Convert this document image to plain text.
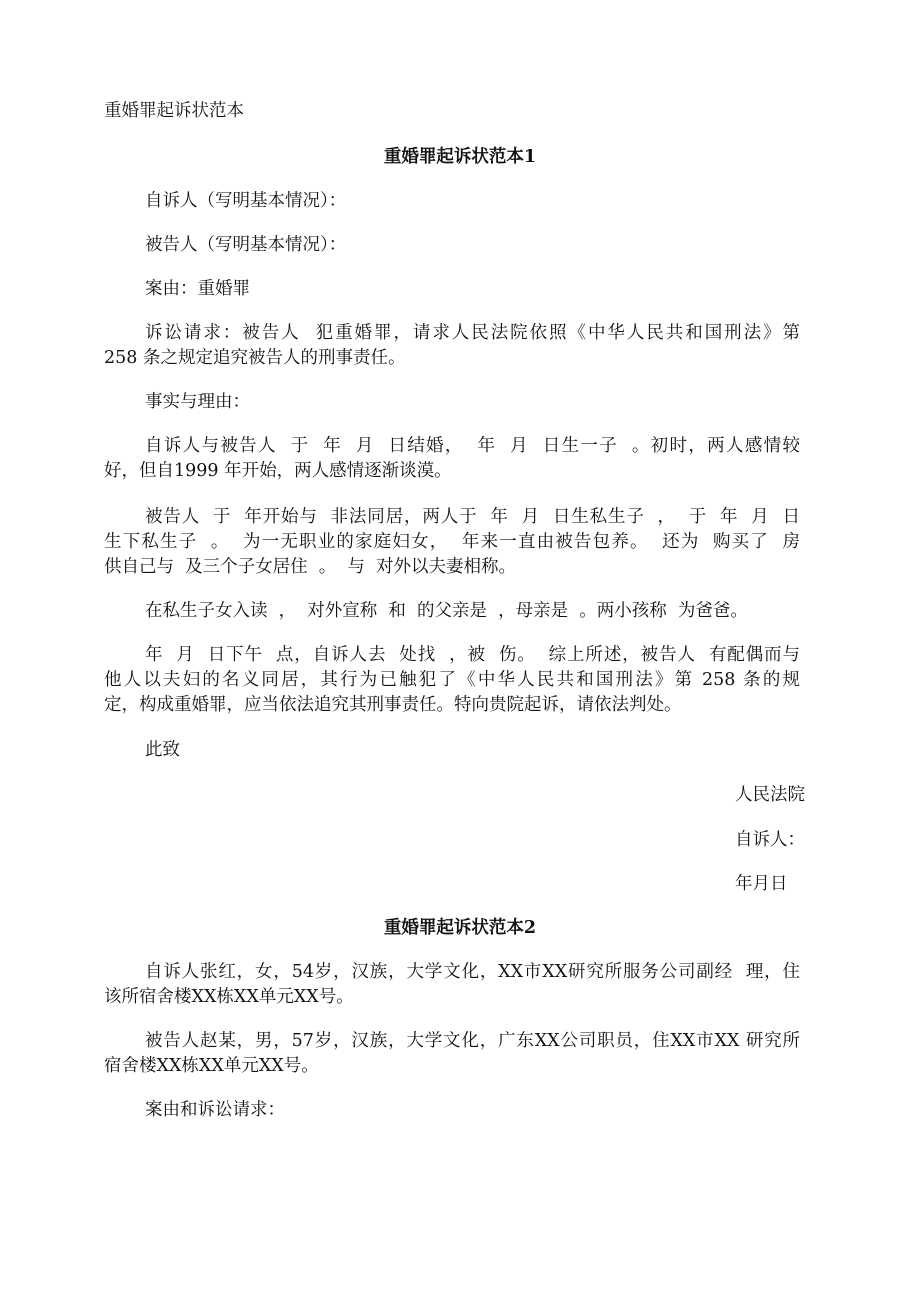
重婚罪起诉状范本
重婚罪起诉状范本1
自诉人（写明基本情况）：
被告人（写明基本情况）：
案由：重婚罪
诉讼请求：被告人  犯重婚罪，请求人民法院依照《中华人民共和国刑法》第
258 条之规定追究被告人的刑事责任。
事实与理由：
自诉人与被告人  于  年  月  日结婚，  年  月  日生一子  。初时，两人感情较
好，但自1999 年开始，两人感情逐渐谈漠。
被告人  于  年开始与  非法同居，两人于  年  月  日生私生子  ，  于  年  月  日
生下私生子  。  为一无职业的家庭妇女，  年来一直由被告包养。  还为  购买了  房
供自己与  及三个子女居住  。  与  对外以夫妻相称。
在私生子女入读  ，  对外宣称  和  的父亲是  ，母亲是  。两小孩称  为爸爸。
年  月  日下午  点，自诉人去  处找  ，被  伤。  综上所述，被告人  有配偶而与
他人以夫妇的名义同居，其行为已触犯了《中华人民共和国刑法》第 258 条的规
定，构成重婚罪，应当依法追究其刑事责任。特向贵院起诉，请依法判处。
此致
人民法院
自诉人：
年月日
重婚罪起诉状范本2
自诉人张红，女，54岁，汉族，大学文化，XX市XX研究所服务公司副经  理，住
该所宿舍楼XX栋XX单元XX号。
被告人赵某，男，57岁，汉族，大学文化，广东XX公司职员，住XX市XX 研究所
宿舍楼XX栋XX单元XX号。
案由和诉讼请求：
